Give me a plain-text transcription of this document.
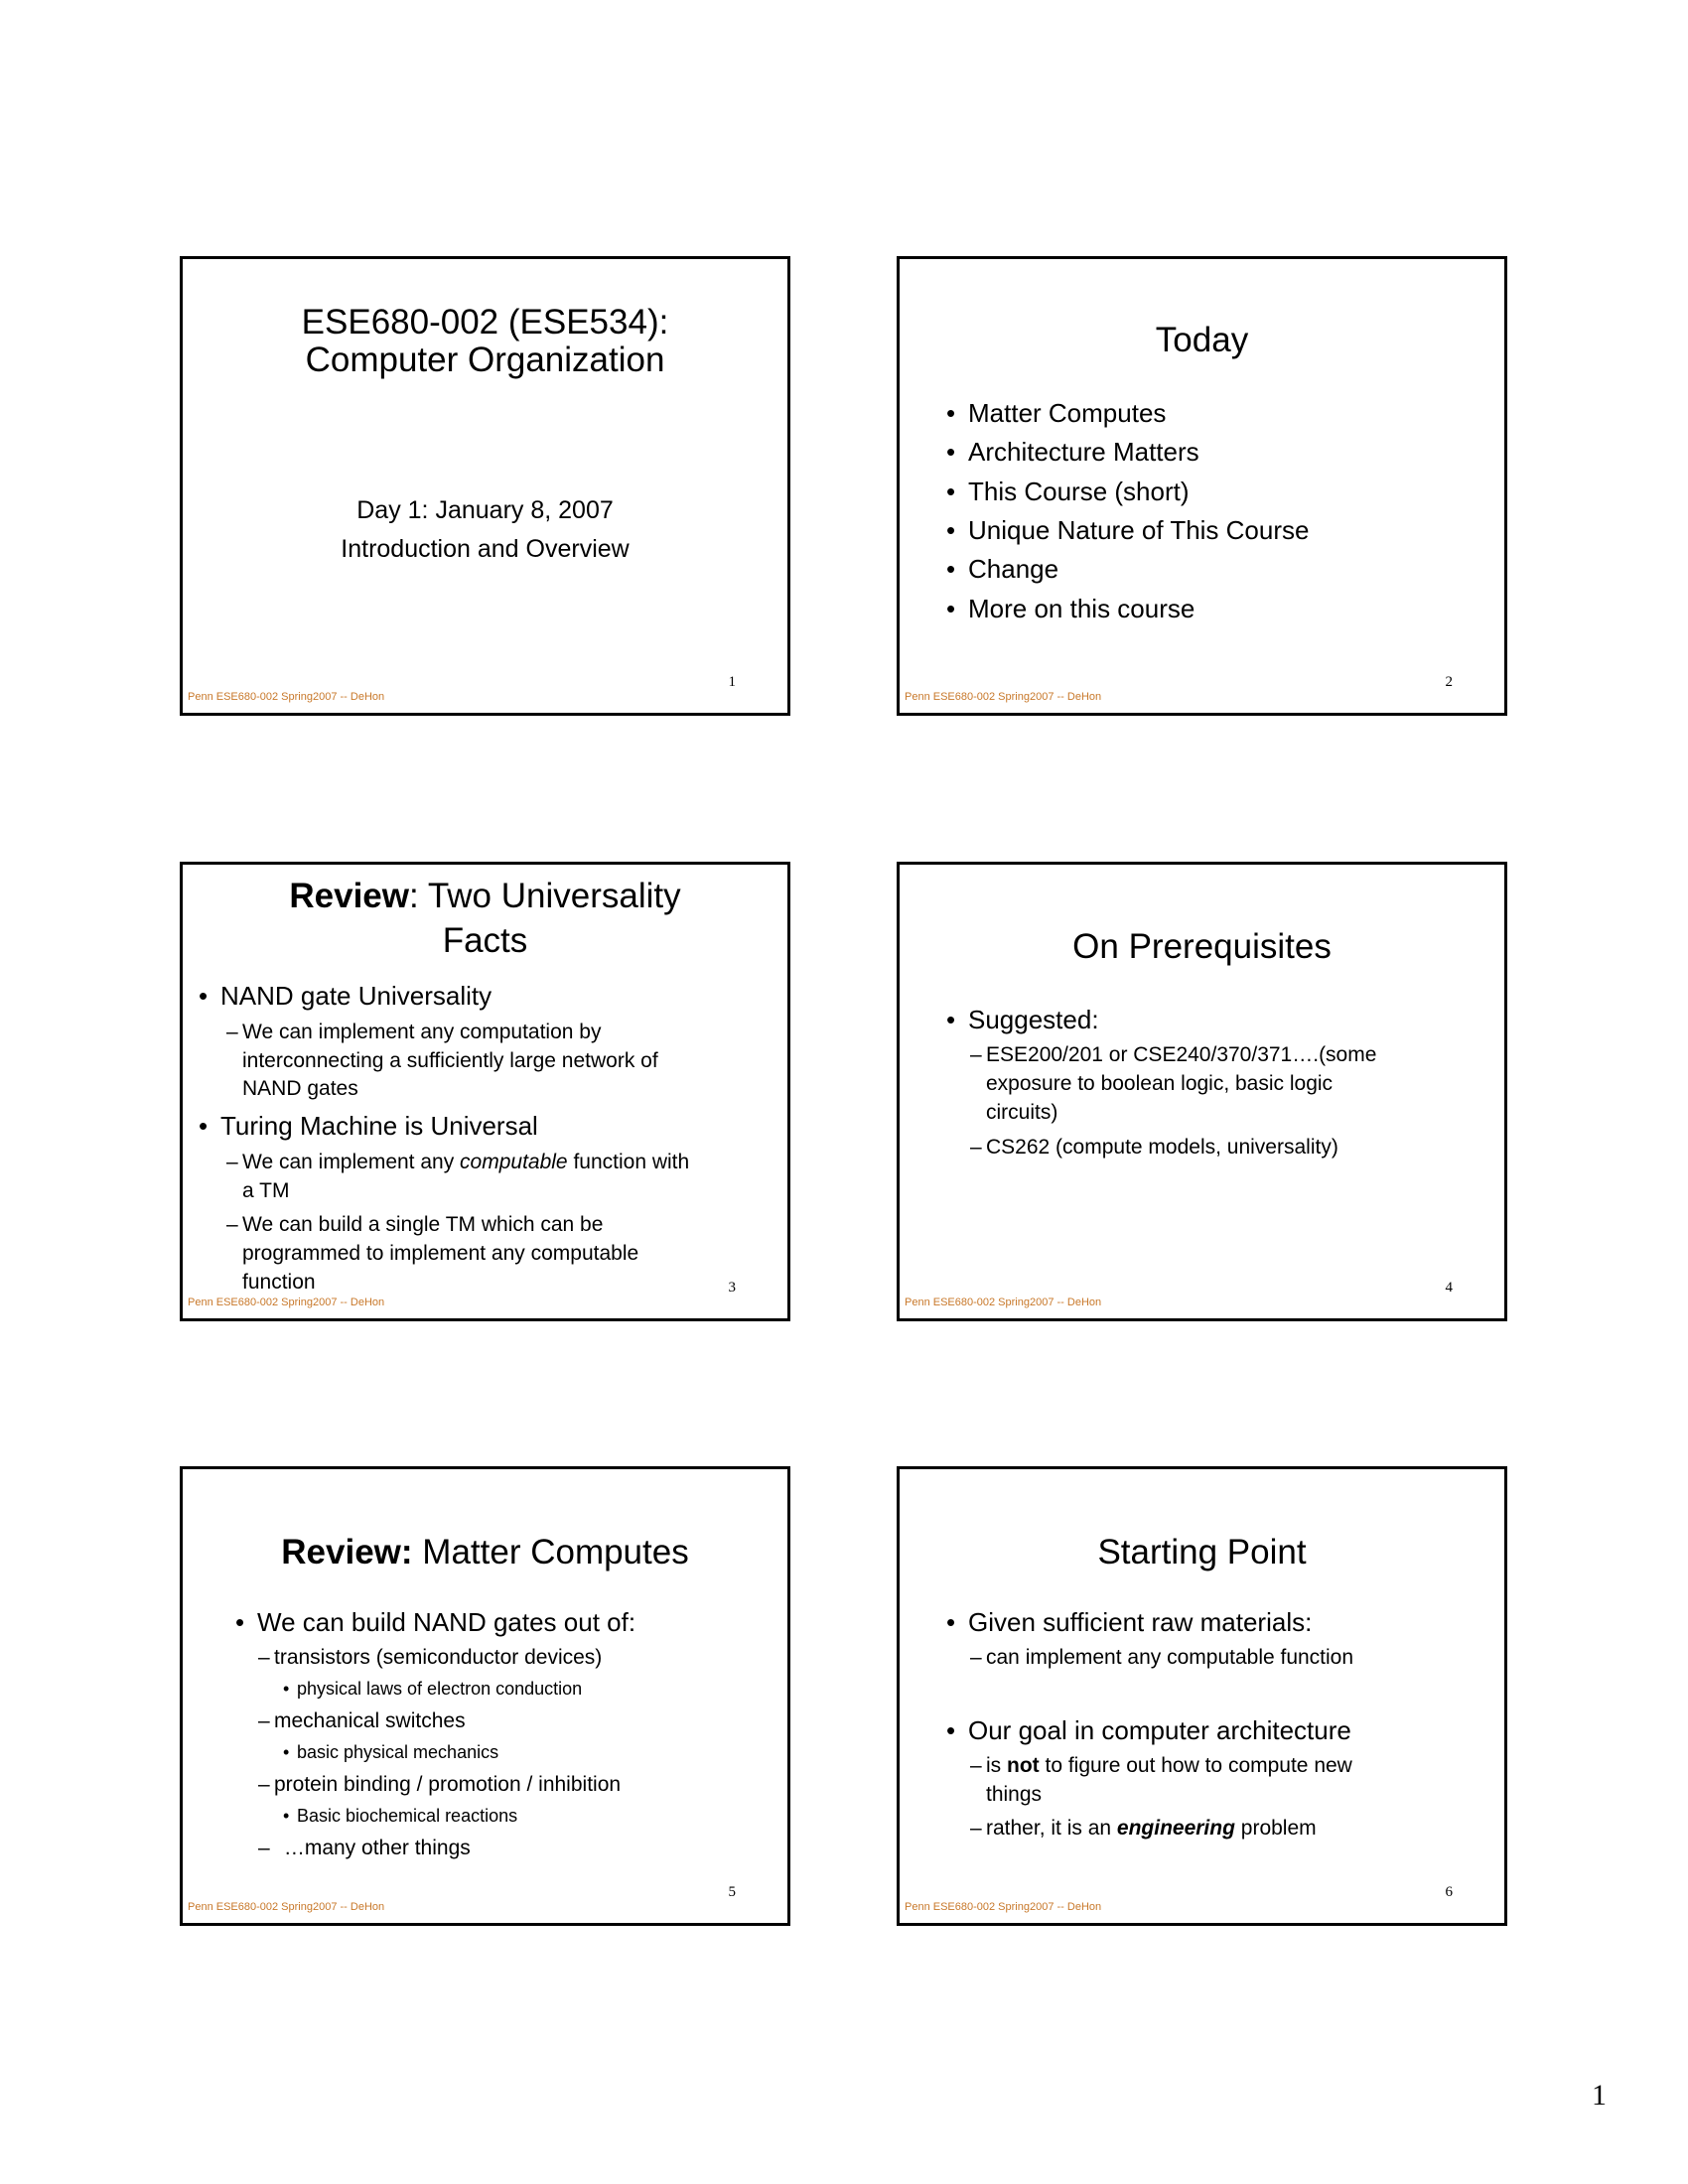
ESE680-002 (ESE534):
Computer Organization
Day 1: January 8, 2007
Introduction and Overview
1
Penn ESE680-002 Spring2007 -- DeHon
Today
• Matter Computes
• Architecture Matters
• This Course (short)
• Unique Nature of This Course
• Change
• More on this course
2
Penn ESE680-002 Spring2007 -- DeHon
Review: Two Universality
Facts
• NAND gate Universality
– We can implement any computation by
interconnecting a sufficiently large network of
NAND gates
• Turing Machine is Universal
– We can implement any computable function with
a TM
– We can build a single TM which can be
programmed to implement any computable
function	3
Penn ESE680-002 Spring2007 -- DeHon
On Prerequisites
• Suggested:
– ESE200/201 or CSE240/370/371….(some
exposure to boolean logic, basic logic
circuits)
– CS262 (compute models, universality)
4
Penn ESE680-002 Spring2007 -- DeHon
Review: Matter Computes
• We can build NAND gates out of:
– transistors (semiconductor devices)
• physical laws of electron conduction
– mechanical switches
• basic physical mechanics
– protein binding / promotion / inhibition
• Basic biochemical reactions
– …many other things
5
Penn ESE680-002 Spring2007 -- DeHon
Starting Point
• Given sufficient raw materials:
– can implement any computable function
• Our goal in computer architecture
– is not to figure out how to compute new
things
– rather, it is an engineering problem
6
Penn ESE680-002 Spring2007 -- DeHon
1
